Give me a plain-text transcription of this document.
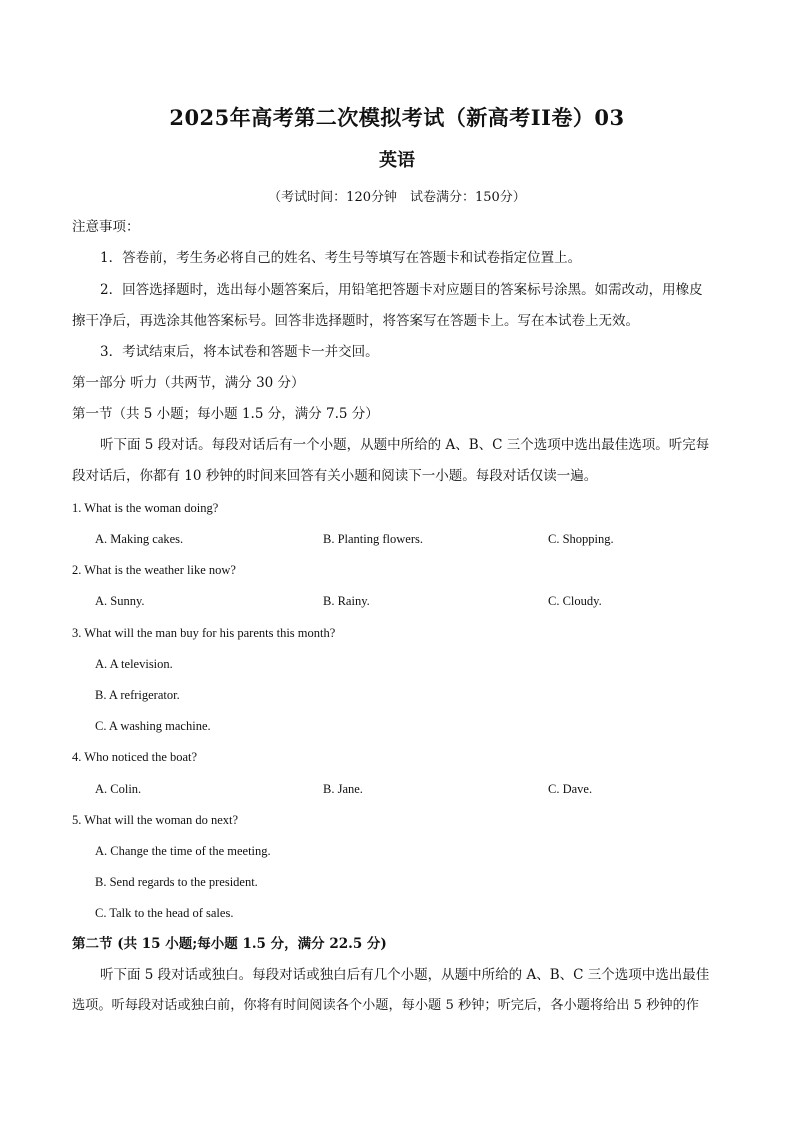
2025年高考第二次模拟考试（新高考II卷）03
英语
（考试时间：120分钟　试卷满分：150分）
注意事项：
1．答卷前，考生务必将自己的姓名、考生号等填写在答题卡和试卷指定位置上。
2．回答选择题时，选出每小题答案后，用铅笔把答题卡对应题目的答案标号涂黑。如需改动，用橡皮
擦干净后，再选涂其他答案标号。回答非选择题时，将答案写在答题卡上。写在本试卷上无效。
3．考试结束后，将本试卷和答题卡一并交回。
第一部分 听力（共两节，满分 30 分）
第一节（共 5 小题；每小题 1.5 分，满分 7.5 分）
听下面 5 段对话。每段对话后有一个小题，从题中所给的 A、B、C 三个选项中选出最佳选项。听完每
段对话后，你都有 10 秒钟的时间来回答有关小题和阅读下一小题。每段对话仅读一遍。
1. What is the woman doing?
A. Making cakes.	B. Planting flowers.	C. Shopping.
2. What is the weather like now?
A. Sunny.	B. Rainy.	C. Cloudy.
3. What will the man buy for his parents this month?
A. A television.
B. A refrigerator.
C. A washing machine.
4. Who noticed the boat?
A. Colin.	B. Jane.	C. Dave.
5. What will the woman do next?
A. Change the time of the meeting.
B. Send regards to the president.
C. Talk to the head of sales.
第二节 (共 15 小题;每小题 1.5 分，满分 22.5 分)
听下面 5 段对话或独白。每段对话或独白后有几个小题，从题中所给的 A、B、C 三个选项中选出最佳
选项。听每段对话或独白前，你将有时间阅读各个小题，每小题 5 秒钟；听完后，各小题将给出 5 秒钟的作
